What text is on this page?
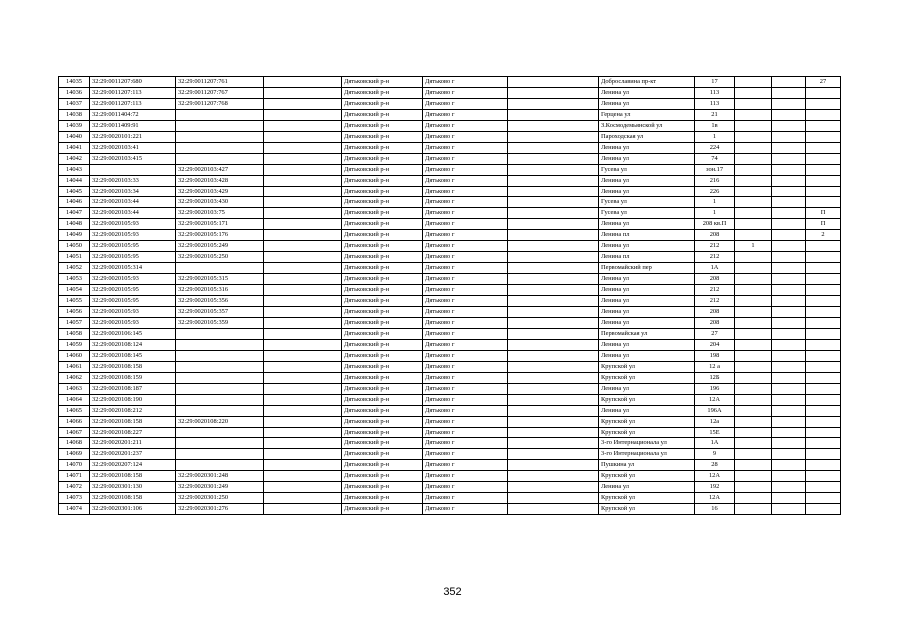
14035	32:29:0011207:680	32:29:0011207:761		Дятьковский р-н	Дятьково г		Доброславина пр-кт	17			27
14036	32:29:0011207:113	32:29:0011207:767		Дятьковский р-н	Дятьково г		Ленина ул	113			
14037	32:29:0011207:113	32:29:0011207:768		Дятьковский р-н	Дятьково г		Ленина ул	113			
14038	32:29:0011404:72			Дятьковский р-н	Дятьково г		Герцена ул	21			
14039	32:29:0011409:91			Дятьковский р-н	Дятьково г		З.Космодемьянской ул	1в			
14040	32:29:0020101:221			Дятьковский р-н	Дятьково г		Пароходская ул	1			
14041	32:29:0020103:41			Дятьковский р-н	Дятьково г		Ленина ул	224			
14042	32:29:0020103:415			Дятьковский р-н	Дятьково г		Ленина ул	74			
14043		32:29:0020103:427		Дятьковский р-н	Дятьково г		Гусева ул	зон.17			
14044	32:29:0020103:33	32:29:0020103:428		Дятьковский р-н	Дятьково г		Ленина ул	216			
14045	32:29:0020103:34	32:29:0020103:429		Дятьковский р-н	Дятьково г		Ленина ул	226			
14046	32:29:0020103:44	32:29:0020103:430		Дятьковский р-н	Дятьково г		Гусева ул	1			
14047	32:29:0020103:44	32:29:0020103:75		Дятьковский р-н	Дятьково г		Гусева ул	1			П
14048	32:29:0020105:93	32:29:0020105:171		Дятьковский р-н	Дятьково г		Ленина ул	208 кв.П			П
14049	32:29:0020105:93	32:29:0020105:176		Дятьковский р-н	Дятьково г		Ленина пл	208			2
14050	32:29:0020105:95	32:29:0020105:249		Дятьковский р-н	Дятьково г		Ленина ул	212	1		
14051	32:29:0020105:95	32:29:0020105:250		Дятьковский р-н	Дятьково г		Ленина пл	212			
14052	32:29:0020105:314			Дятьковский р-н	Дятьково г		Первомайский пер	1А			
14053	32:29:0020105:93	32:29:0020105:315		Дятьковский р-н	Дятьково г		Ленина ул	208			
14054	32:29:0020105:95	32:29:0020105:316		Дятьковский р-н	Дятьково г		Ленина ул	212			
14055	32:29:0020105:95	32:29:0020105:356		Дятьковский р-н	Дятьково г		Ленина ул	212			
14056	32:29:0020105:93	32:29:0020105:357		Дятьковский р-н	Дятьково г		Ленина ул	208			
14057	32:29:0020105:93	32:29:0020105:359		Дятьковский р-н	Дятьково г		Ленина ул	208			
14058	32:29:0020106:145			Дятьковский р-н	Дятьково г		Первомайская ул	27			
14059	32:29:0020108:124			Дятьковский р-н	Дятьково г		Ленина ул	204			
14060	32:29:0020108:145			Дятьковский р-н	Дятьково г		Ленина ул	198			
14061	32:29:0020108:158			Дятьковский р-н	Дятьково г		Крупской ул	12 а			
14062	32:29:0020108:159			Дятьковский р-н	Дятьково г		Крупской ул	12Б			
14063	32:29:0020108:187			Дятьковский р-н	Дятьково г		Ленина ул	196			
14064	32:29:0020108:190			Дятьковский р-н	Дятьково г		Крупской ул	12А			
14065	32:29:0020108:212			Дятьковский р-н	Дятьково г		Ленина ул	196А			
14066	32:29:0020108:158	32:29:0020108:220		Дятьковский р-н	Дятьково г		Крупской ул	12а			
14067	32:29:0020108:227			Дятьковский р-н	Дятьково г		Крупской ул	15Е			
14068	32:29:0020201:211			Дятьковский р-н	Дятьково г		3-го Интернационала ул	1А			
14069	32:29:0020201:237			Дятьковский р-н	Дятьково г		3-го Интернационала ул	9			
14070	32:29:0020207:124			Дятьковский р-н	Дятьково г		Пушкина ул	28			
14071	32:29:0020108:158	32:29:0020301:248		Дятьковский р-н	Дятьково г		Крупской ул	12А			
14072	32:29:0020301:130	32:29:0020301:249		Дятьковский р-н	Дятьково г		Ленина ул	192			
14073	32:29:0020108:158	32:29:0020301:250		Дятьковский р-н	Дятьково г		Крупской ул	12А			
14074	32:29:0020301:106	32:29:0020301:276		Дятьковский р-н	Дятьково г		Крупской ул	16			
352
